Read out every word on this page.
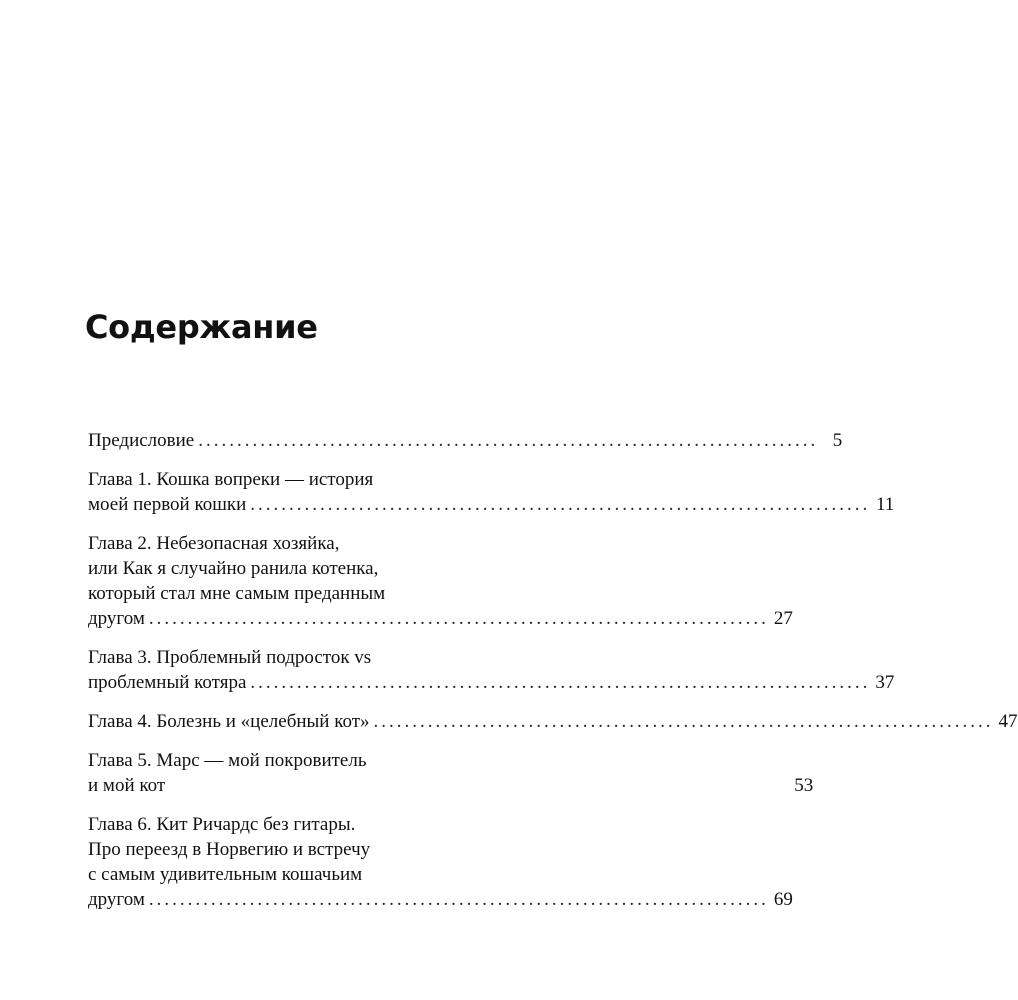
Содержание
Предисловие ................................................................................ 5
Глава 1. Кошка вопреки — история
моей первой кошки ................................................................................ 11
Глава 2. Небезопасная хозяйка,
или Как я случайно ранила котенка,
который стал мне самым преданным
другом ................................................................................ 27
Глава 3. Проблемный подросток vs
проблемный котяра ................................................................................ 37
Глава 4. Болезнь и «целебный кот» ................................................................................ 47
Глава 5. Марс — мой покровитель
и мой кот	53
Глава 6. Кит Ричардс без гитары.
Про переезд в Норвегию и встречу
с самым удивительным кошачьим
другом ................................................................................ 69
